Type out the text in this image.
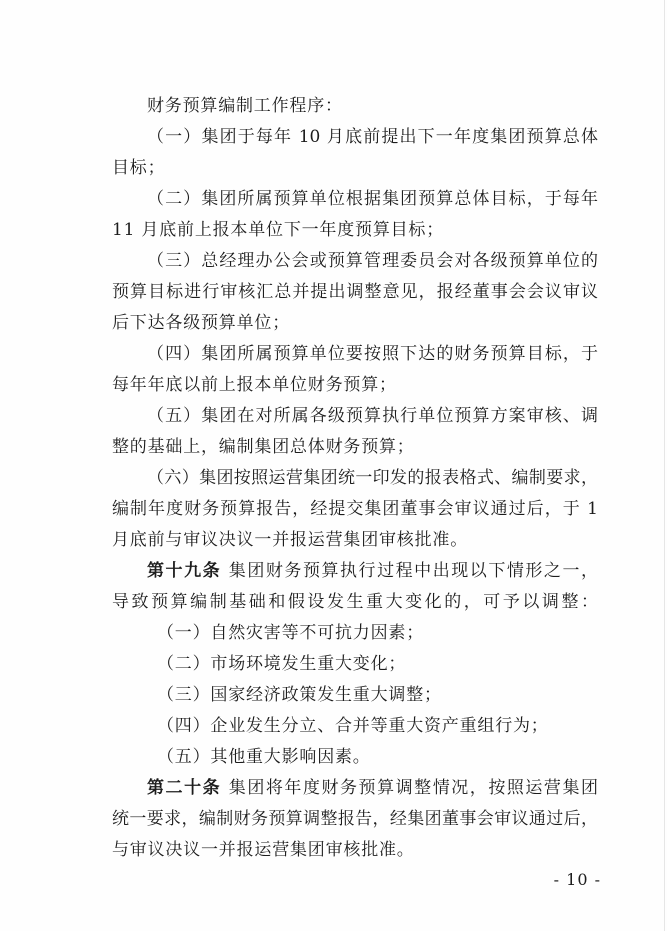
财务预算编制工作程序：
（一）集团于每年 10 月底前提出下一年度集团预算总体
目标；
（二）集团所属预算单位根据集团预算总体目标，于每年
11 月底前上报本单位下一年度预算目标；
（三）总经理办公会或预算管理委员会对各级预算单位的
预算目标进行审核汇总并提出调整意见，报经董事会会议审议
后下达各级预算单位；
（四）集团所属预算单位要按照下达的财务预算目标，于
每年年底以前上报本单位财务预算；
（五）集团在对所属各级预算执行单位预算方案审核、调
整的基础上，编制集团总体财务预算；
（六）集团按照运营集团统一印发的报表格式、编制要求，
编制年度财务预算报告，经提交集团董事会审议通过后，于 1
月底前与审议决议一并报运营集团审核批准。
第十九条 集团财务预算执行过程中出现以下情形之一，
导致预算编制基础和假设发生重大变化的，可予以调整：
（一）自然灾害等不可抗力因素；
（二）市场环境发生重大变化；
（三）国家经济政策发生重大调整；
（四）企业发生分立、合并等重大资产重组行为；
（五）其他重大影响因素。
第二十条 集团将年度财务预算调整情况，按照运营集团
统一要求，编制财务预算调整报告，经集团董事会审议通过后，
与审议决议一并报运营集团审核批准。
- 10 -
